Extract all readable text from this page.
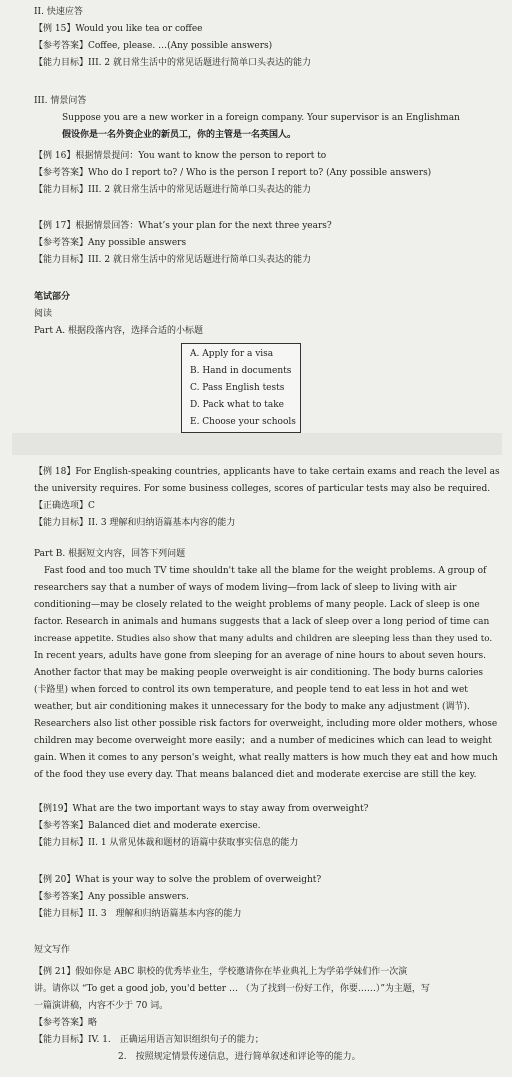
II. 快速应答
【例 15】Would you like tea or coffee
【参考答案】Coffee, please. …(Any possible answers)
【能力目标】III. 2 就日常生活中的常见话题进行简单口头表达的能力
III. 情景问答
Suppose you are a new worker in a foreign company. Your supervisor is an Englishman
假设你是一名外资企业的新员工，你的主管是一名英国人。
【例 16】根据情景提问：You want to know the person to report to
【参考答案】Who do I report to? / Who is the person I report to? (Any possible answers)
【能力目标】III. 2 就日常生活中的常见话题进行简单口头表达的能力
【例 17】根据情景回答：What’s your plan for the next three years?
【参考答案】Any possible answers
【能力目标】III. 2 就日常生活中的常见话题进行简单口头表达的能力
笔试部分
阅读
Part A. 根据段落内容，选择合适的小标题
A. Apply for a visa
B. Hand in documents
C. Pass English tests
D. Pack what to take
E. Choose your schools
【例 18】For English-speaking countries, applicants have to take certain exams and reach the level as
the university requires. For some business colleges, scores of particular tests may also be required.
【正确选项】C
【能力目标】II. 3 理解和归纳语篇基本内容的能力
Part B. 根据短文内容，回答下列问题
Fast food and too much TV time shouldn't take all the blame for the weight problems. A group of
researchers say that a number of ways of modem living—from lack of sleep to living with air
conditioning—may be closely related to the weight problems of many people. Lack of sleep is one
factor. Research in animals and humans suggests that a lack of sleep over a long period of time can
increase appetite. Studies also show that many adults and children are sleeping less than they used to.
In recent years, adults have gone from sleeping for an average of nine hours to about seven hours.
Another factor that may be making people overweight is air conditioning. The body burns calories
(卡路里) when forced to control its own temperature, and people tend to eat less in hot and wet
weather, but air conditioning makes it unnecessary for the body to make any adjustment (调节).
Researchers also list other possible risk factors for overweight, including more older mothers, whose
children may become overweight more easily；and a number of medicines which can lead to weight
gain. When it comes to any person's weight, what really matters is how much they eat and how much
of the food they use every day. That means balanced diet and moderate exercise are still the key.
【例19】What are the two important ways to stay away from overweight?
【参考答案】Balanced diet and moderate exercise.
【能力目标】II. 1 从常见体裁和题材的语篇中获取事实信息的能力
【例 20】What is your way to solve the problem of overweight?
【参考答案】Any possible answers.
【能力目标】II. 3　理解和归纳语篇基本内容的能力
短文写作
【例 21】假如你是 ABC 职校的优秀毕业生，学校邀请你在毕业典礼上为学弟学妹们作一次演
讲。请你以 “To get a good job, you'd better … （为了找到一份好工作，你要……）”为主题，写
一篇演讲稿，内容不少于 70 词。
【参考答案】略
【能力目标】IV. 1.　正确运用语言知识组织句子的能力；
2.　按照规定情景传递信息，进行简单叙述和评论等的能力。
